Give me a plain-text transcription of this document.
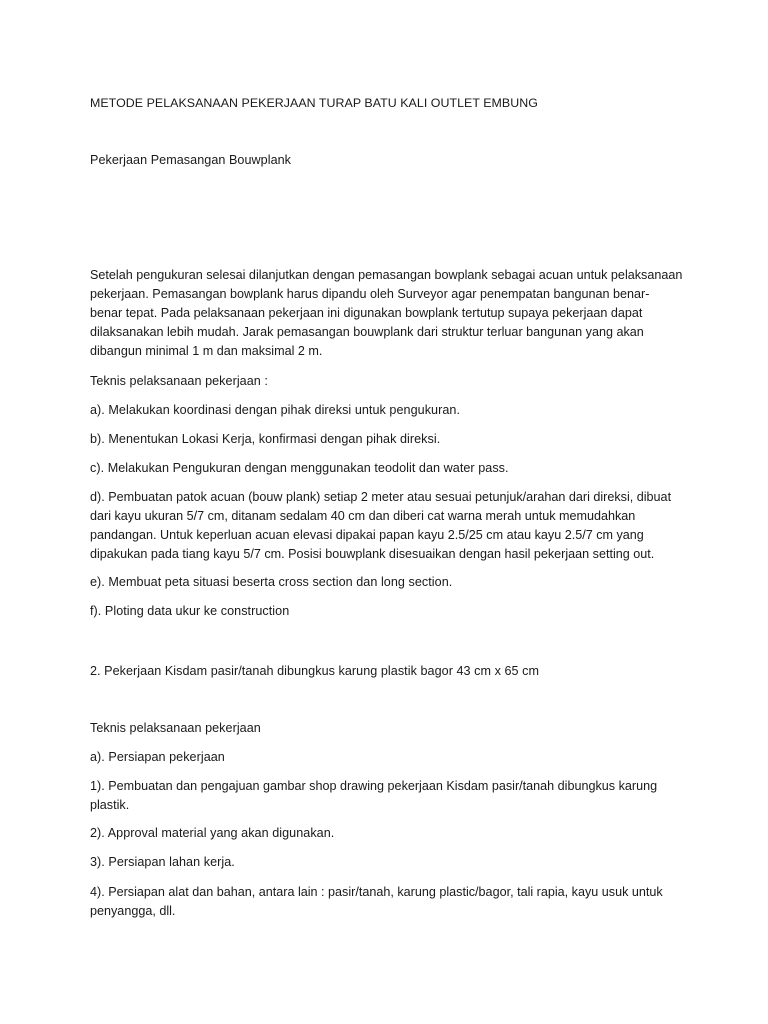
METODE PELAKSANAAN PEKERJAAN TURAP BATU KALI OUTLET EMBUNG
Pekerjaan Pemasangan Bouwplank
Setelah pengukuran selesai dilanjutkan dengan pemasangan bowplank sebagai acuan untuk pelaksanaan
pekerjaan. Pemasangan bowplank harus dipandu oleh Surveyor agar penempatan bangunan benar-
benar tepat. Pada pelaksanaan pekerjaan ini digunakan bowplank tertutup supaya pekerjaan dapat
dilaksanakan lebih mudah. Jarak pemasangan bouwplank dari struktur terluar bangunan yang akan
dibangun minimal 1 m dan maksimal 2 m.
Teknis pelaksanaan pekerjaan :
a). Melakukan koordinasi dengan pihak direksi untuk pengukuran.
b). Menentukan Lokasi Kerja, konfirmasi dengan pihak direksi.
c). Melakukan Pengukuran dengan menggunakan teodolit dan water pass.
d). Pembuatan patok acuan (bouw plank) setiap 2 meter atau sesuai petunjuk/arahan dari direksi, dibuat
dari kayu ukuran 5/7 cm, ditanam sedalam 40 cm dan diberi cat warna merah untuk memudahkan
pandangan. Untuk keperluan acuan elevasi dipakai papan kayu 2.5/25 cm atau kayu 2.5/7 cm yang
dipakukan pada tiang kayu 5/7 cm. Posisi bouwplank disesuaikan dengan hasil pekerjaan setting out.
e). Membuat peta situasi beserta cross section dan long section.
f). Ploting data ukur ke construction
2. Pekerjaan Kisdam pasir/tanah dibungkus karung plastik bagor 43 cm x 65 cm
Teknis pelaksanaan pekerjaan
a). Persiapan pekerjaan
1). Pembuatan dan pengajuan gambar shop drawing pekerjaan Kisdam pasir/tanah dibungkus karung
plastik.
2). Approval material yang akan digunakan.
3). Persiapan lahan kerja.
4). Persiapan alat dan bahan, antara lain : pasir/tanah, karung plastic/bagor, tali rapia, kayu usuk untuk
penyangga, dll.
